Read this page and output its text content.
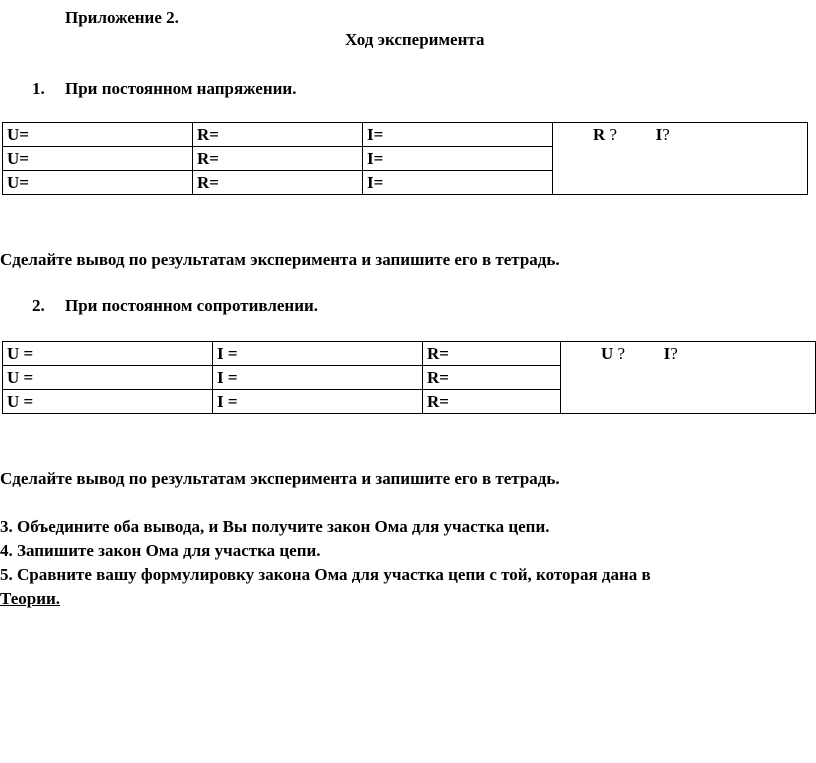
Приложение 2.
Ход эксперимента
1. При постоянном напряжении.
U=	R=	I=	R ? I?
U=	R=	I=	
U=	R=	I=	
Сделайте вывод по результатам эксперимента и запишите его в тетрадь.
2. При постоянном сопротивлении.
U =	I =	R=	U ? I?
U =	I =	R=	
U =	I =	R=	
Сделайте вывод по результатам эксперимента и запишите его в тетрадь.
3. Объедините оба вывода, и Вы получите закон Ома для участка цепи.
4. Запишите закон Ома для участка цепи.
5. Сравните вашу формулировку закона Ома для участка цепи с той, которая дана в
Теории.
